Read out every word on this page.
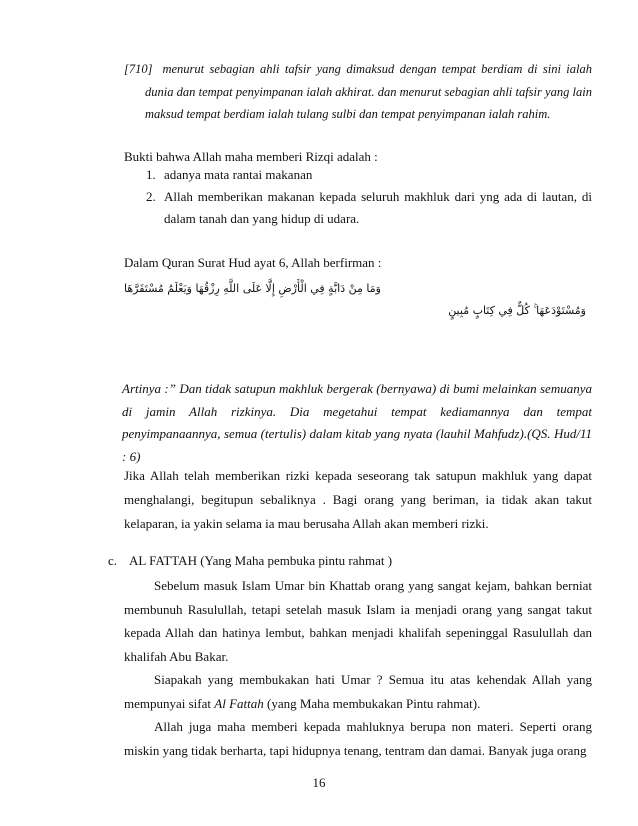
[710] menurut sebagian ahli tafsir yang dimaksud dengan tempat berdiam di sini ialah dunia dan tempat penyimpanan ialah akhirat. dan menurut sebagian ahli tafsir yang lain maksud tempat berdiam ialah tulang sulbi dan tempat penyimpanan ialah rahim.
Bukti bahwa Allah maha memberi Rizqi adalah :
1. adanya mata rantai makanan
2. Allah memberikan makanan kepada seluruh makhluk dari yng ada di lautan, di dalam tanah dan yang hidup di udara.
Dalam Quran Surat Hud ayat 6, Allah berfirman :
وَمَا مِنْ دَابَّةٍ فِي الْأَرْضِ إِلَّا عَلَى اللَّهِ رِزْقُهَا وَيَعْلَمُ مُسْتَقَرَّهَا
وَمُسْتَوْدَعَهَا ۚ كُلٌّ فِي كِتَابٍ مُبِينٍ
Artinya :” Dan tidak satupun makhluk bergerak (bernyawa) di bumi melainkan semuanya di jamin Allah rizkinya. Dia megetahui tempat kediamannya dan tempat penyimpanaannya, semua (tertulis) dalam kitab yang nyata (lauhil Mahfudz).(QS. Hud/11 : 6)
Jika Allah telah memberikan rizki kepada seseorang tak satupun makhluk yang dapat menghalangi, begitupun sebaliknya . Bagi orang yang beriman, ia tidak akan takut kelaparan, ia yakin selama ia mau berusaha Allah akan memberi rizki.
c. AL FATTAH (Yang Maha pembuka pintu rahmat )

Sebelum masuk Islam Umar bin Khattab orang yang sangat kejam, bahkan berniat membunuh Rasulullah, tetapi setelah masuk Islam ia menjadi orang yang sangat takut kepada Allah dan hatinya lembut, bahkan menjadi khalifah sepeninggal Rasulullah dan khalifah Abu Bakar.

Siapakah yang membukakan hati Umar ? Semua itu atas kehendak Allah yang mempunyai sifat Al Fattah (yang Maha membukakan Pintu rahmat).

Allah juga maha memberi kepada mahluknya berupa non materi. Seperti orang miskin yang tidak berharta, tapi hidupnya tenang, tentram dan damai. Banyak juga orang

16
